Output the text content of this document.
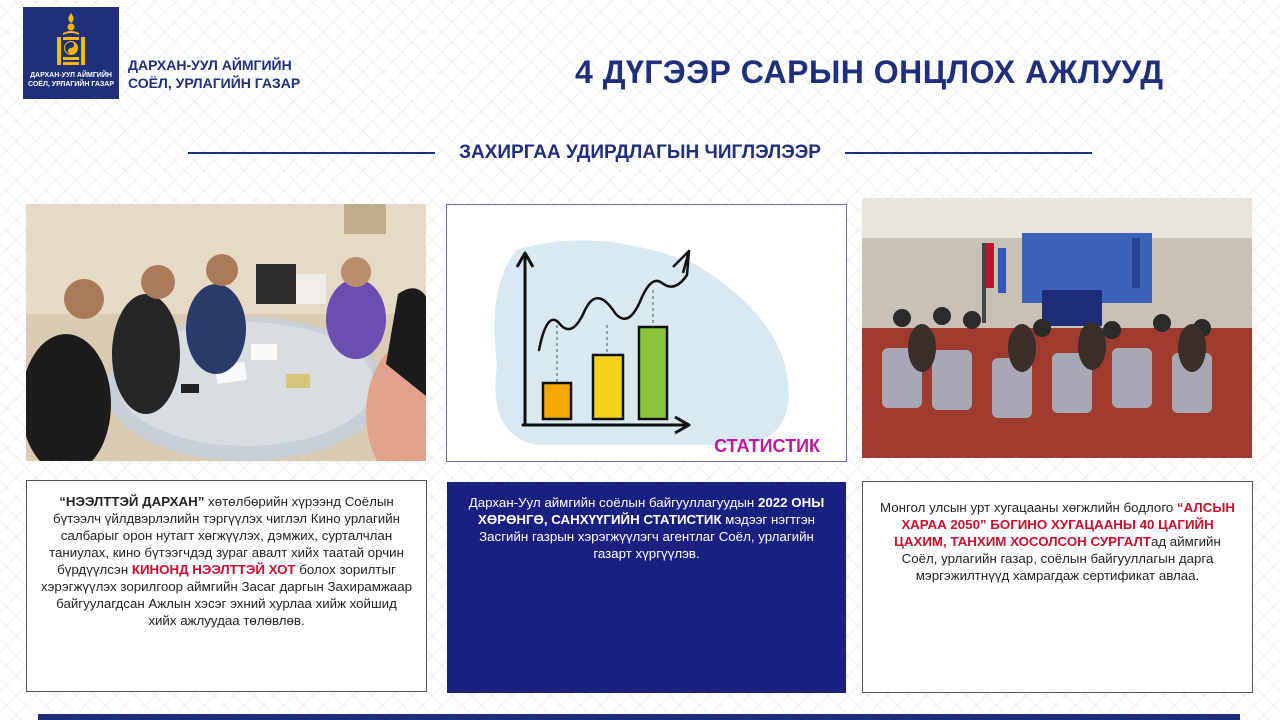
ДАРХАН-УУЛ АЙМГИЙН
СОЁЛ, УРЛАГИЙН ГАЗАР
ДАРХАН-УУЛ АЙМГИЙН
СОЁЛ, УРЛАГИЙН ГАЗАР	4 ДҮГЭЭР САРЫН ОНЦЛОХ АЖЛУУД
ЗАХИРГАА УДИРДЛАГЫН ЧИГЛЭЛЭЭР
СТАТИСТИК
“НЭЭЛТТЭЙ ДАРХАН” хөтөлбөрийн хүрээнд Соёлын бүтээлч үйлдвэрлэлийн тэргүүлэх чиглэл Кино урлагийн салбарыг орон нутагт хөгжүүлэх, дэмжих, сурталчлан таниулах, кино бүтээгчдэд зураг авалт хийх таатай орчин бүрдүүлсэн КИНОНД НЭЭЛТТЭЙ ХОТ болох зорилтыг хэрэгжүүлэх зорилгоор аймгийн Засаг даргын Захирамжаар байгуулагдсан Ажлын хэсэг эхний хурлаа хийж хойшид хийх ажлуудаа төлөвлөв.
Дархан-Уул аймгийн соёлын байгууллагуудын 2022 ОНЫ ХӨРӨНГӨ, САНХҮҮГИЙН СТАТИСТИК мэдээг нэгтгэн Засгийн газрын хэрэгжүүлэгч агентлаг Соёл, урлагийн газарт хүргүүлэв.
Монгол улсын урт хугацааны хөгжлийн бодлого “АЛСЫН ХАРАА 2050” БОГИНО ХУГАЦААНЫ 40 ЦАГИЙН ЦАХИМ, ТАНХИМ ХОСОЛСОН СУРГАЛТад аймгийн Соёл, урлагийн газар, соёлын байгууллагын дарга мэргэжилтнүүд хамрагдаж сертификат авлаа.
